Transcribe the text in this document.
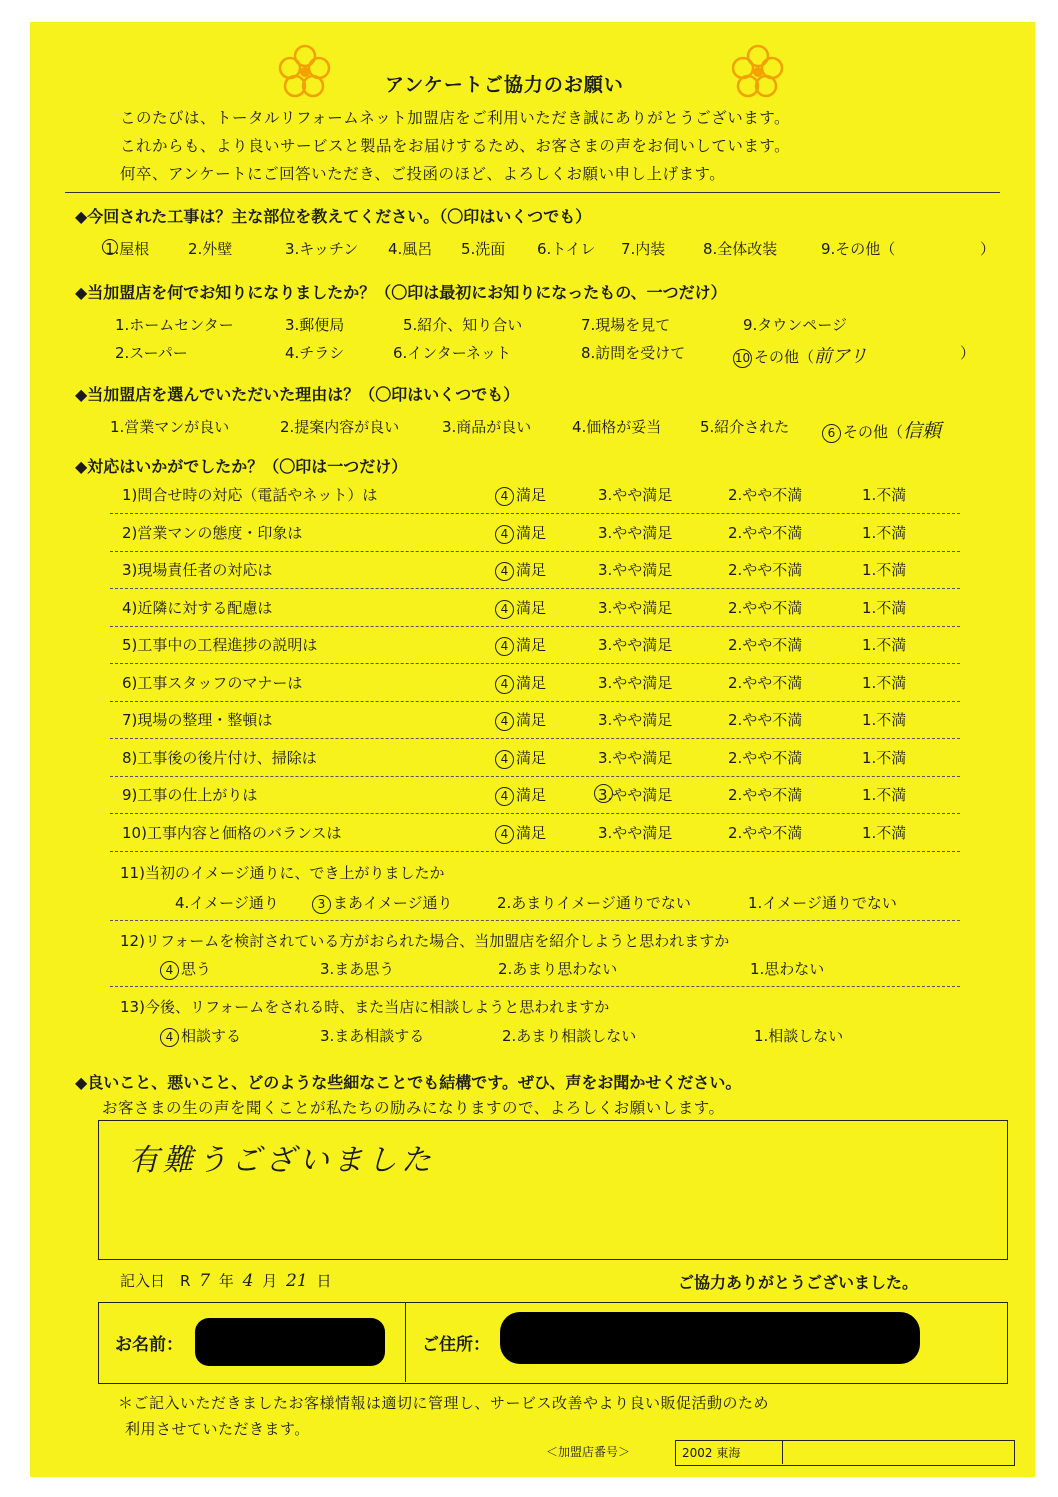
アンケートご協力のお願い
このたびは、トータルリフォームネット加盟店をご利用いただき誠にありがとうございます。
これからも、より良いサービスと製品をお届けするため、お客さまの声をお伺いしています。
何卒、アンケートにご回答いただき、ご投函のほど、よろしくお願い申し上げます。
◆今回された工事は？主な部位を教えてください。（〇印はいくつでも）
1.屋根	2.外壁	3.キッチン 4.風呂 5.洗面 6.トイレ 7.内装	8.全体改装	9.その他（	）
◆当加盟店を何でお知りになりましたか？（〇印は最初にお知りになったもの、一つだけ）
1.ホームセンター	3.郵便局	5.紹介、知り合い	7.現場を見て	9.タウンページ
2.スーパー	4.チラシ	6.インターネット	8.訪問を受けて	10 その他（前アリ	）
◆当加盟店を選んでいただいた理由は？（〇印はいくつでも）
1.営業マンが良い	2.提案内容が良い	3.商品が良い	4.価格が妥当	5.紹介された	6 その他（信頼
◆対応はいかがでしたか？（〇印は一つだけ）
1)問合せ時の対応（電話やネット）は	4 満足	3.やや満足	2.やや不満	1.不満
2)営業マンの態度・印象は	4 満足	3.やや満足	2.やや不満	1.不満
3)現場責任者の対応は	4 満足	3.やや満足	2.やや不満	1.不満
4)近隣に対する配慮は	4 満足	3.やや満足	2.やや不満	1.不満
5)工事中の工程進捗の説明は	4 満足	3.やや満足	2.やや不満	1.不満
6)工事スタッフのマナーは	4 満足	3.やや満足	2.やや不満	1.不満
7)現場の整理・整頓は	4 満足	3.やや満足	2.やや不満	1.不満
8)工事後の後片付け、掃除は	4 満足	3.やや満足	2.やや不満	1.不満
9)工事の仕上がりは	4 満足	3.やや満足	2.やや不満	1.不満
10)工事内容と価格のバランスは	4 満足	3.やや満足	2.やや不満	1.不満
11)当初のイメージ通りに、でき上がりましたか
4.イメージ通り	3 まあイメージ通り	2.あまりイメージ通りでない	1.イメージ通りでない
12)リフォームを検討されている方がおられた場合、当加盟店を紹介しようと思われますか
4 思う	3.まあ思う	2.あまり思わない	1.思わない
13)今後、リフォームをされる時、また当店に相談しようと思われますか
4 相談する	3.まあ相談する	2.あまり相談しない	1.相談しない
◆良いこと、悪いこと、どのような些細なことでも結構です。ぜひ、声をお聞かせください。
お客さまの生の声を聞くことが私たちの励みになりますので、よろしくお願いします。
有難うございました
記入日　R 7 年 4 月 21 日	ご協力ありがとうございました。
お名前：	ご住所：
＊ご記入いただきましたお客様情報は適切に管理し、サービス改善やより良い販促活動のため
利用させていただきます。
＜加盟店番号＞	2002 東海
